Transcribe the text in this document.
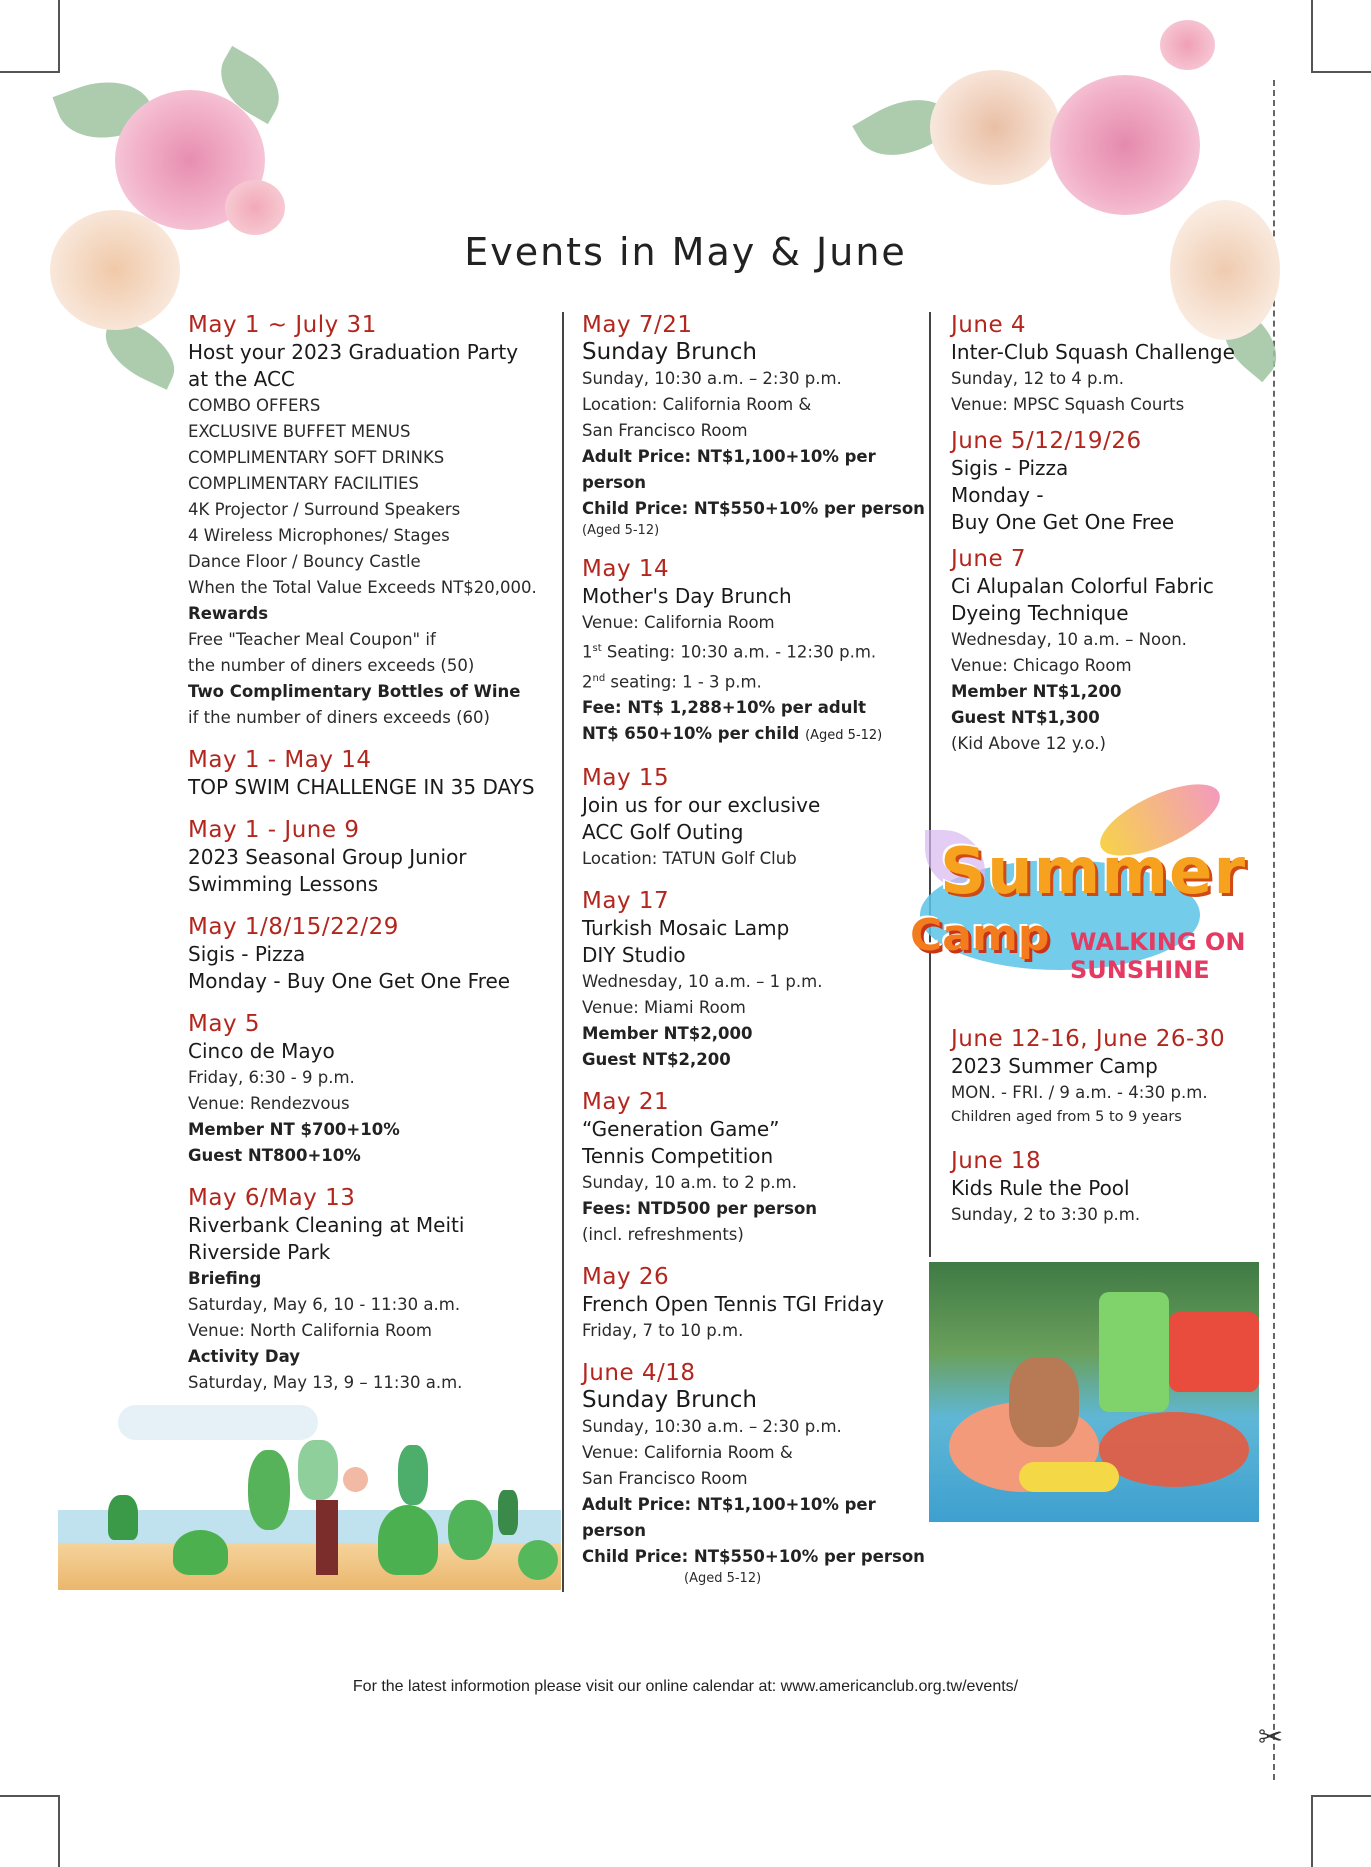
✂
Events in May & June
May 1 ~ July 31
Host your 2023 Graduation Party
at the ACC
COMBO OFFERS
EXCLUSIVE BUFFET MENUS
COMPLIMENTARY SOFT DRINKS
COMPLIMENTARY FACILITIES
4K Projector / Surround Speakers
4 Wireless Microphones/ Stages
Dance Floor / Bouncy Castle
When the Total Value Exceeds NT$20,000.
Rewards
Free "Teacher Meal Coupon" if
the number of diners exceeds (50)
Two Complimentary Bottles of Wine
if the number of diners exceeds (60)
May 1 - May 14
TOP SWIM CHALLENGE IN 35 DAYS
May 1 - June 9
2023 Seasonal Group Junior
Swimming Lessons
May 1/8/15/22/29
Sigis - Pizza
Monday - Buy One Get One Free
May 5
Cinco de Mayo
Friday, 6:30 - 9 p.m.
Venue: Rendezvous
Member NT $700+10%
Guest NT800+10%
May 6/May 13
Riverbank Cleaning at Meiti
Riverside Park
Briefing
Saturday, May 6, 10 - 11:30 a.m.
Venue: North California Room
Activity Day
Saturday, May 13, 9 – 11:30 a.m.
May 7/21
Sunday Brunch
Sunday, 10:30 a.m. – 2:30 p.m.
Location: California Room &
San Francisco Room
Adult Price: NT$1,100+10% per person
Child Price: NT$550+10% per person
(Aged 5-12)
May 14
Mother's Day Brunch
Venue: California Room
1st Seating: 10:30 a.m. - 12:30 p.m.
2nd seating: 1 - 3 p.m.
Fee: NT$ 1,288+10% per adult
NT$ 650+10% per child (Aged 5-12)
May 15
Join us for our exclusive
ACC Golf Outing
Location: TATUN Golf Club
May 17
Turkish Mosaic Lamp
DIY Studio
Wednesday, 10 a.m. – 1 p.m.
Venue: Miami Room
Member NT$2,000
Guest NT$2,200
May 21
“Generation Game”
Tennis Competition
Sunday, 10 a.m. to 2 p.m.
Fees: NTD500 per person
(incl. refreshments)
May 26
French Open Tennis TGI Friday
Friday, 7 to 10 p.m.
June 4/18
Sunday Brunch
Sunday, 10:30 a.m. – 2:30 p.m.
Venue: California Room &
San Francisco Room
Adult Price: NT$1,100+10% per person
Child Price: NT$550+10% per person
(Aged 5-12)
June 4
Inter-Club Squash Challenge
Sunday, 12 to 4 p.m.
Venue: MPSC Squash Courts
June 5/12/19/26
Sigis - Pizza
Monday -
Buy One Get One Free
June 7
Ci Alupalan Colorful Fabric
Dyeing Technique
Wednesday, 10 a.m. – Noon.
Venue: Chicago Room
Member NT$1,200
Guest NT$1,300
(Kid Above 12 y.o.)
Summer
Camp WALKING ON
SUNSHINE
June 12-16, June 26-30
2023 Summer Camp
MON. - FRI. / 9 a.m. - 4:30 p.m.
Children aged from 5 to 9 years
June 18
Kids Rule the Pool
Sunday, 2 to 3:30 p.m.
For the latest informotion please visit our online calendar at: www.americanclub.org.tw/events/
